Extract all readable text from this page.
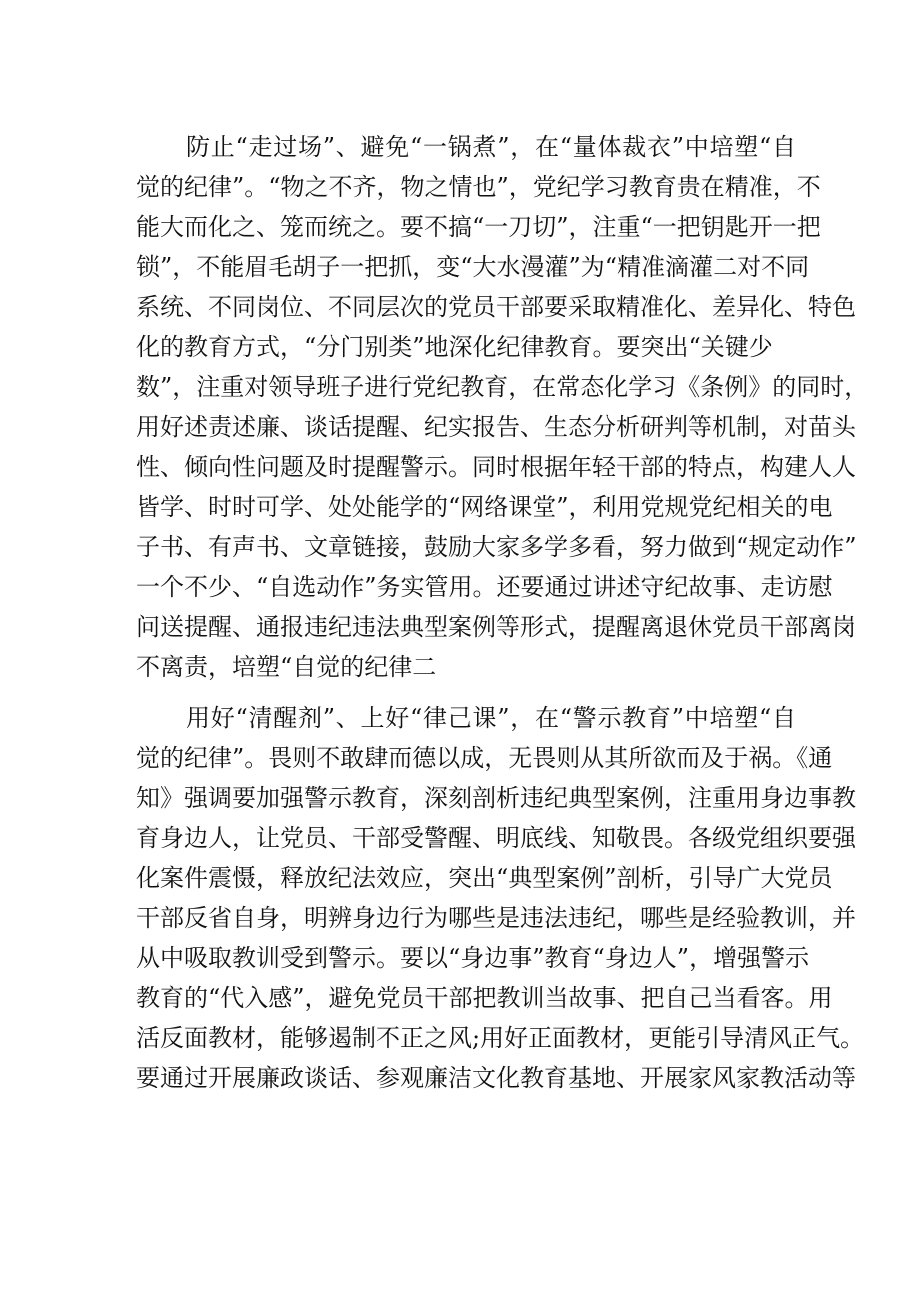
防止“走过场”、避免“一锅煮”，在“量体裁衣”中培塑“自
觉的纪律”。“物之不齐，物之情也”，党纪学习教育贵在精准，不
能大而化之、笼而统之。要不搞“一刀切”，注重“一把钥匙开一把
锁”，不能眉毛胡子一把抓，变“大水漫灌”为“精准滴灌二对不同
系统、不同岗位、不同层次的党员干部要采取精准化、差异化、特色
化的教育方式，“分门别类”地深化纪律教育。要突出“关键少
数”，注重对领导班子进行党纪教育，在常态化学习《条例》的同时，
用好述责述廉、谈话提醒、纪实报告、生态分析研判等机制，对苗头
性、倾向性问题及时提醒警示。同时根据年轻干部的特点，构建人人
皆学、时时可学、处处能学的“网络课堂”，利用党规党纪相关的电
子书、有声书、文章链接，鼓励大家多学多看，努力做到“规定动作”
一个不少、“自选动作”务实管用。还要通过讲述守纪故事、走访慰
问送提醒、通报违纪违法典型案例等形式，提醒离退休党员干部离岗
不离责，培塑“自觉的纪律二
用好“清醒剂”、上好“律己课”，在“警示教育”中培塑“自
觉的纪律”。畏则不敢肆而德以成，无畏则从其所欲而及于祸。《通
知》强调要加强警示教育，深刻剖析违纪典型案例，注重用身边事教
育身边人，让党员、干部受警醒、明底线、知敬畏。各级党组织要强
化案件震慑，释放纪法效应，突出“典型案例”剖析，引导广大党员
干部反省自身，明辨身边行为哪些是违法违纪，哪些是经验教训，并
从中吸取教训受到警示。要以“身边事”教育“身边人”，增强警示
教育的“代入感”，避免党员干部把教训当故事、把自己当看客。用
活反面教材，能够遏制不正之风;用好正面教材，更能引导清风正气。
要通过开展廉政谈话、参观廉洁文化教育基地、开展家风家教活动等
